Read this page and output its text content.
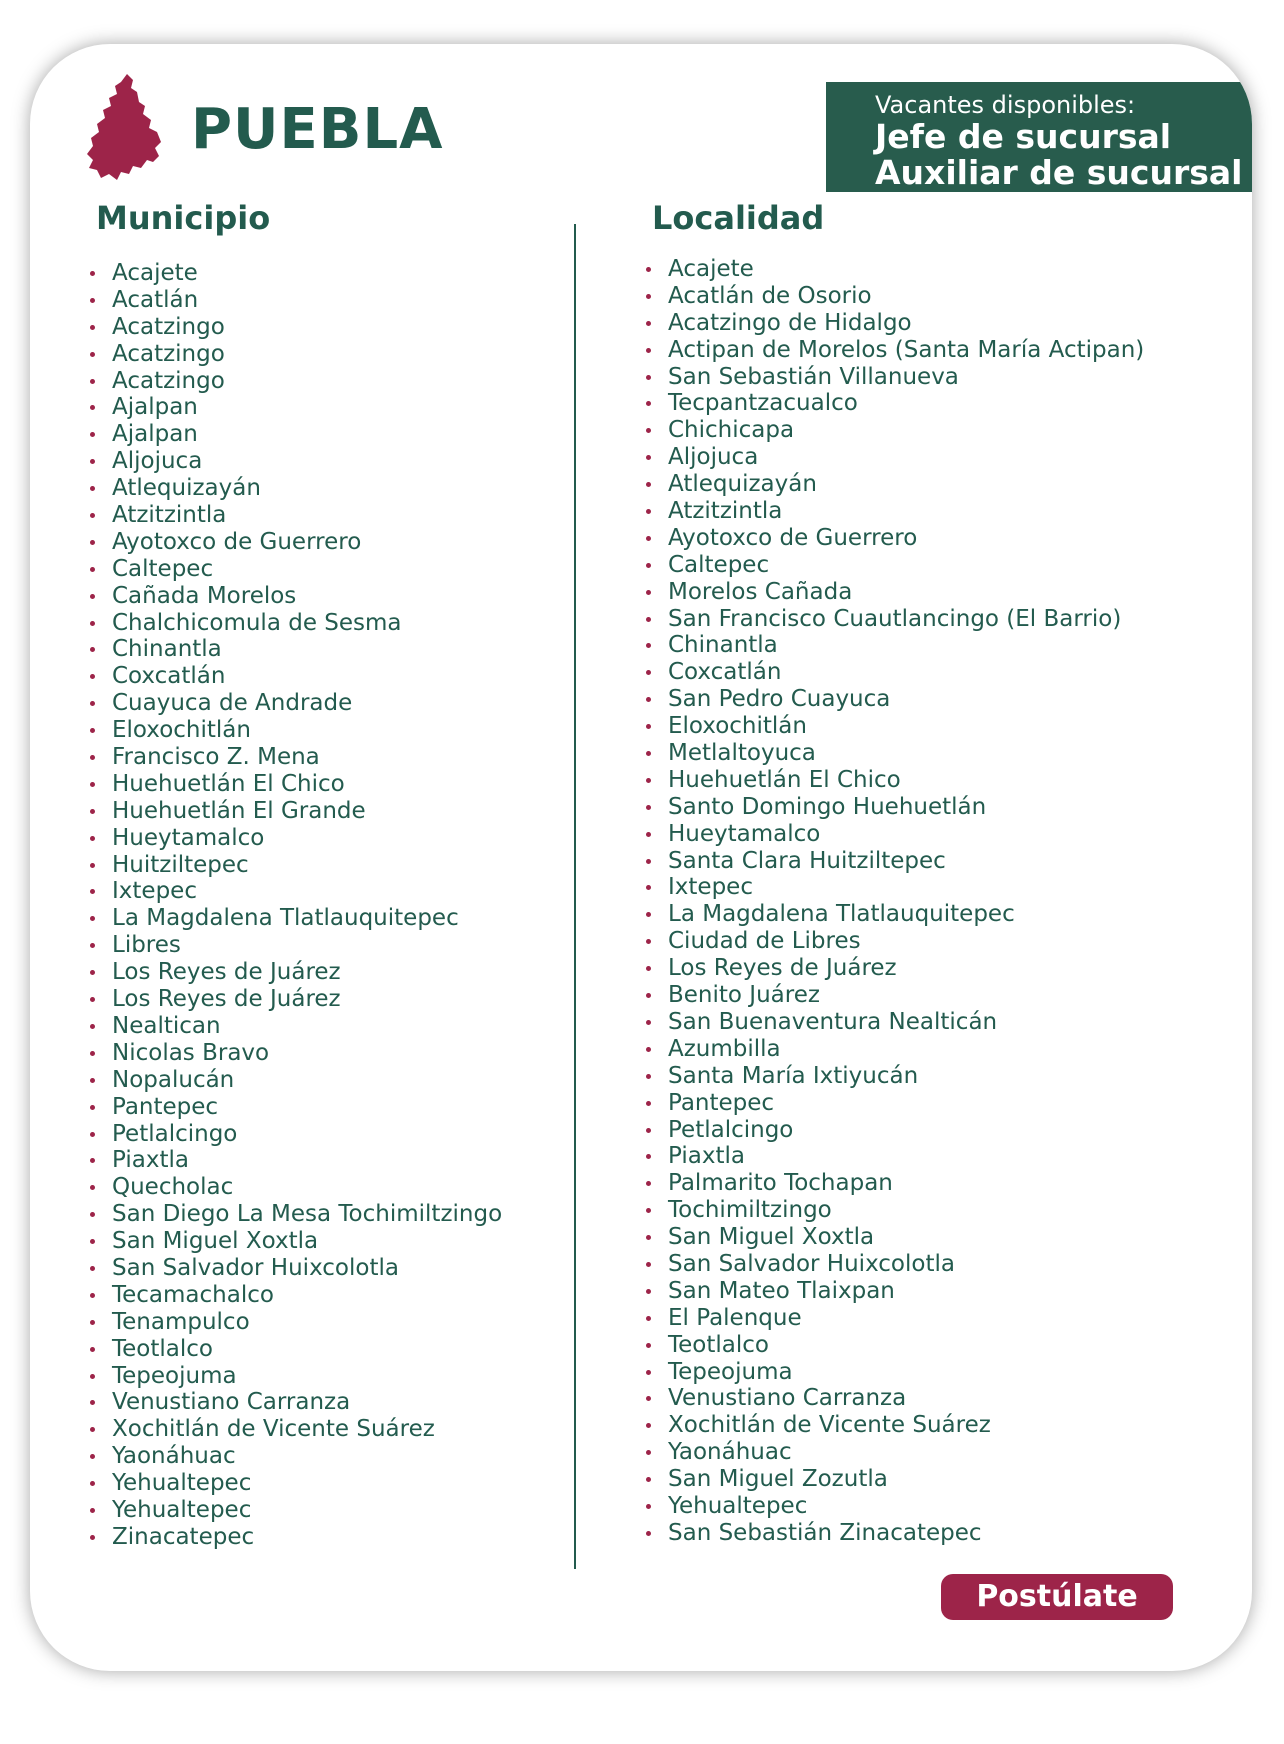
PUEBLA	Vacantes disponibles:
Jefe de sucursal
Auxiliar de sucursal
Municipio	Localidad
Acajete
Acatlán
Acatzingo
Acatzingo
Acatzingo
Ajalpan
Ajalpan
Aljojuca
Atlequizayán
Atzitzintla
Ayotoxco de Guerrero
Caltepec
Cañada Morelos
Chalchicomula de Sesma
Chinantla
Coxcatlán
Cuayuca de Andrade
Eloxochitlán
Francisco Z. Mena
Huehuetlán El Chico
Huehuetlán El Grande
Hueytamalco
Huitziltepec
Ixtepec
La Magdalena Tlatlauquitepec
Libres
Los Reyes de Juárez
Los Reyes de Juárez
Nealtican
Nicolas Bravo
Nopalucán
Pantepec
Petlalcingo
Piaxtla
Quecholac
San Diego La Mesa Tochimiltzingo
San Miguel Xoxtla
San Salvador Huixcolotla
Tecamachalco
Tenampulco
Teotlalco
Tepeojuma
Venustiano Carranza
Xochitlán de Vicente Suárez
Yaonáhuac
Yehualtepec
Yehualtepec
Zinacatepec
Acajete
Acatlán de Osorio
Acatzingo de Hidalgo
Actipan de Morelos (Santa María Actipan)
San Sebastián Villanueva
Tecpantzacualco
Chichicapa
Aljojuca
Atlequizayán
Atzitzintla
Ayotoxco de Guerrero
Caltepec
Morelos Cañada
San Francisco Cuautlancingo (El Barrio)
Chinantla
Coxcatlán
San Pedro Cuayuca
Eloxochitlán
Metlaltoyuca
Huehuetlán El Chico
Santo Domingo Huehuetlán
Hueytamalco
Santa Clara Huitziltepec
Ixtepec
La Magdalena Tlatlauquitepec
Ciudad de Libres
Los Reyes de Juárez
Benito Juárez
San Buenaventura Nealticán
Azumbilla
Santa María Ixtiyucán
Pantepec
Petlalcingo
Piaxtla
Palmarito Tochapan
Tochimiltzingo
San Miguel Xoxtla
San Salvador Huixcolotla
San Mateo Tlaixpan
El Palenque
Teotlalco
Tepeojuma
Venustiano Carranza
Xochitlán de Vicente Suárez
Yaonáhuac
San Miguel Zozutla
Yehualtepec
San Sebastián Zinacatepec
Postúlate
